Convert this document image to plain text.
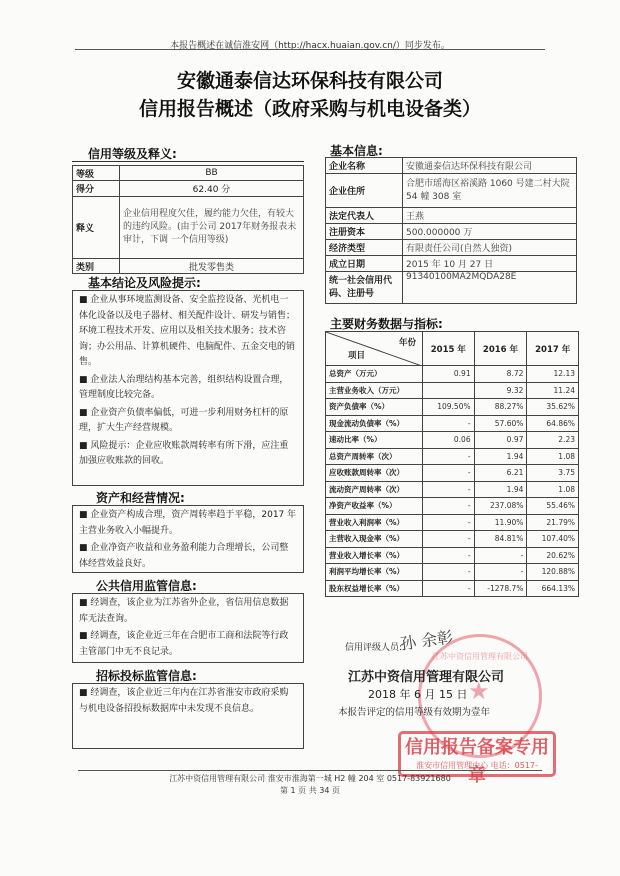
本报告概述在诚信淮安网（http://hacx.huaian.gov.cn/）同步发布。
安徽通泰信达环保科技有限公司
信用报告概述（政府采购与机电设备类）
信用等级及释义:
等级	BB
得分	62.40 分
释义	企业信用程度欠佳，履约能力欠佳，有较大的违约风险。(由于公司 2017年财务报表未审计，下调 一个信用等级)
类别	批发零售类
基本结论及风险提示:

■ 企业从事环境监测设备、安全监控设备、光机电一体化设备以及电子器材、相关配件设计、研发与销售；环境工程技术开发、应用以及相关技术服务；技术咨询；办公用品、计算机硬件、电脑配件、五金交电的销售。

■ 企业法人治理结构基本完善，组织结构设置合理，管理制度比较完备。

■ 企业资产负债率偏低，可进一步利用财务杠杆的原理，扩大生产经营规模。

■ 风险提示：企业应收账款周转率有所下滑，应注重加强应收账款的回收。

资产和经营情况:

■ 企业资产构成合理，资产周转率趋于平稳，2017 年主营业务收入小幅提升。

■ 企业净资产收益和业务盈利能力合理增长，公司整体经营效益良好。

公共信用监管信息:

■ 经调查，该企业为江苏省外企业，省信用信息数据库无法查询。

■ 经调查，该企业近三年在合肥市工商和法院等行政主管部门中无不良记录。

招标投标监管信息:

■ 经调查，该企业近三年内在江苏省淮安市政府采购与机电设备招投标数据库中未发现不良信息。

基本信息:
企业名称	安徽通泰信达环保科技有限公司
企业住所	合肥市瑶海区裕溪路 1060 号建二村大院 54 幢 308 室
法定代表人	王燕
注册资本	500.000000 万
经济类型	有限责任公司(自然人独资)
成立日期	2015 年 10 月 27 日
统一社会信用代码、注册号	91340100MA2MQDA28E
主要财务数据与指标:
年份
项目	2015 年	2016 年	2017 年
总资产（万元）	0.91	8.72	12.13
主营业务收入（万元）		9.32	11.24
资产负债率（%）	109.50%	88.27%	35.62%
现金流动负债率（%）	-	57.60%	64.86%
速动比率（%）	0.06	0.97	2.23
总资产周转率（次）	-	1.94	1.08
应收账款周转率（次）	-	6.21	3.75
流动资产周转率（次）	-	1.94	1.08
净资产收益率（%）	-	237.08%	55.46%
营业收入利润率（%）	-	11.90%	21.79%
主营收入现金率（%）	-	84.81%	107.40%
营业收入增长率（%）	-	-	20.62%
利润平均增长率（%）	-	-	120.88%
股东权益增长率（%）	-	-1278.7%	664.13%
江苏中资信用管理有限公司
★
信用评级人员:
孙 余彰
江苏中资信用管理有限公司
2018 年 6 月 15 日
本报告评定的信用等级有效期为壹年
信用报告备案专用章
淮安市信用管理中心 电话：0517-
江苏中资信用管理有限公司 淮安市淮海第一城 H2 幢 204 室 0517-83921680
第 1 页 共 34 页
